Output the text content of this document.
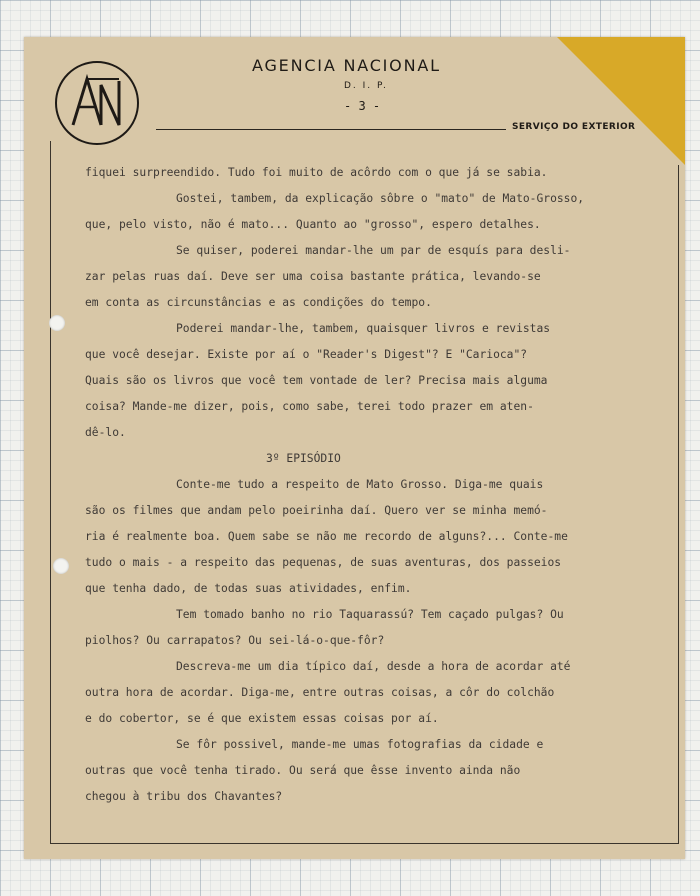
AGENCIA NACIONAL
D. I. P.
- 3 -
SERVIÇO DO EXTERIOR
fiquei surpreendido. Tudo foi muito de acôrdo com o que já se sabia.
Gostei, tambem, da explicação sôbre o "mato" de Mato-Grosso,
que, pelo visto, não é mato... Quanto ao "grosso", espero detalhes.
Se quiser, poderei mandar-lhe um par de esquís para desli-
zar pelas ruas daí. Deve ser uma coisa bastante prática, levando-se
em conta as circunstâncias e as condições do tempo.
Poderei mandar-lhe, tambem, quaisquer livros e revistas
que você desejar. Existe por aí o "Reader's Digest"? E "Carioca"?
Quais são os livros que você tem vontade de ler? Precisa mais alguma
coisa? Mande-me dizer, pois, como sabe, terei todo prazer em aten-
dê-lo.
3º EPISÓDIO
Conte-me tudo a respeito de Mato Grosso. Diga-me quais
são os filmes que andam pelo poeirinha daí. Quero ver se minha memó-
ria é realmente boa. Quem sabe se não me recordo de alguns?... Conte-me
tudo o mais - a respeito das pequenas, de suas aventuras, dos passeios
que tenha dado, de todas suas atividades, enfim.
Tem tomado banho no rio Taquarassú? Tem caçado pulgas? Ou
piolhos? Ou carrapatos? Ou sei-lá-o-que-fôr?
Descreva-me um dia típico daí, desde a hora de acordar até
outra hora de acordar. Diga-me, entre outras coisas, a côr do colchão
e do cobertor, se é que existem essas coisas por aí.
Se fôr possivel, mande-me umas fotografias da cidade e
outras que você tenha tirado. Ou será que êsse invento ainda não
chegou à tribu dos Chavantes?
